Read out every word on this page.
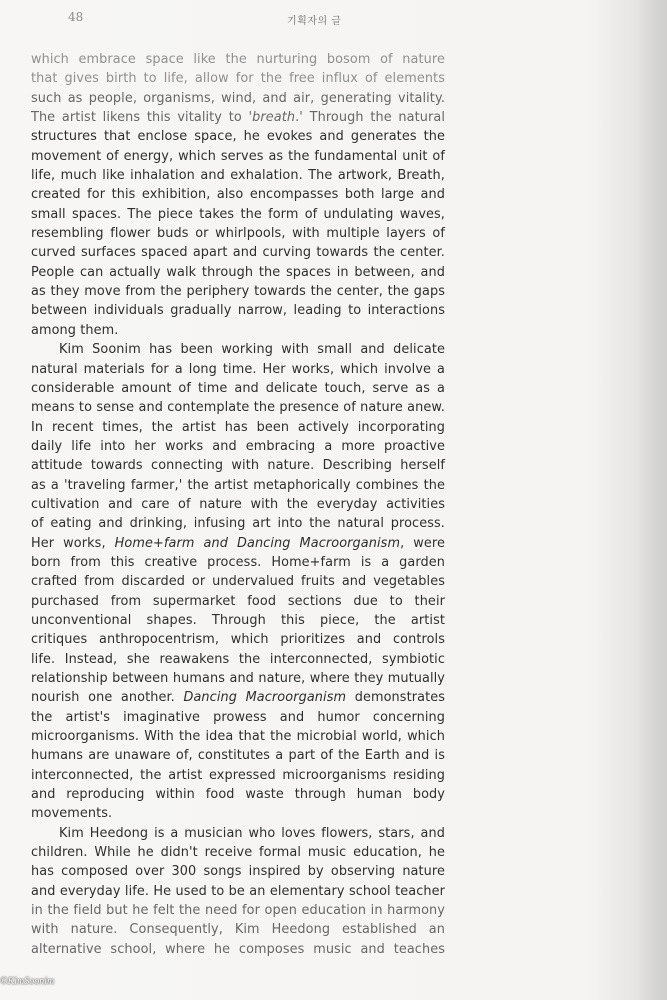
48	기획자의 글
which embrace space like the nurturing bosom of nature
that gives birth to life, allow for the free influx of elements
such as people, organisms, wind, and air, generating vitality.
The artist likens this vitality to 'breath.' Through the natural
structures that enclose space, he evokes and generates the
movement of energy, which serves as the fundamental unit of
life, much like inhalation and exhalation. The artwork, Breath,
created for this exhibition, also encompasses both large and
small spaces. The piece takes the form of undulating waves,
resembling flower buds or whirlpools, with multiple layers of
curved surfaces spaced apart and curving towards the center.
People can actually walk through the spaces in between, and
as they move from the periphery towards the center, the gaps
between individuals gradually narrow, leading to interactions
among them.
Kim Soonim has been working with small and delicate
natural materials for a long time. Her works, which involve a
considerable amount of time and delicate touch, serve as a
means to sense and contemplate the presence of nature anew.
In recent times, the artist has been actively incorporating
daily life into her works and embracing a more proactive
attitude towards connecting with nature. Describing herself
as a 'traveling farmer,' the artist metaphorically combines the
cultivation and care of nature with the everyday activities
of eating and drinking, infusing art into the natural process.
Her works, Home+farm and Dancing Macroorganism, were
born from this creative process. Home+farm is a garden
crafted from discarded or undervalued fruits and vegetables
purchased from supermarket food sections due to their
unconventional shapes. Through this piece, the artist
critiques anthropocentrism, which prioritizes and controls
life. Instead, she reawakens the interconnected, symbiotic
relationship between humans and nature, where they mutually
nourish one another. Dancing Macroorganism demonstrates
the artist's imaginative prowess and humor concerning
microorganisms. With the idea that the microbial world, which
humans are unaware of, constitutes a part of the Earth and is
interconnected, the artist expressed microorganisms residing
and reproducing within food waste through human body
movements.
Kim Heedong is a musician who loves flowers, stars, and
children. While he didn't receive formal music education, he
has composed over 300 songs inspired by observing nature
and everyday life. He used to be an elementary school teacher
in the field but he felt the need for open education in harmony
with nature. Consequently, Kim Heedong established an
alternative school, where he composes music and teaches
©KimSoonim
